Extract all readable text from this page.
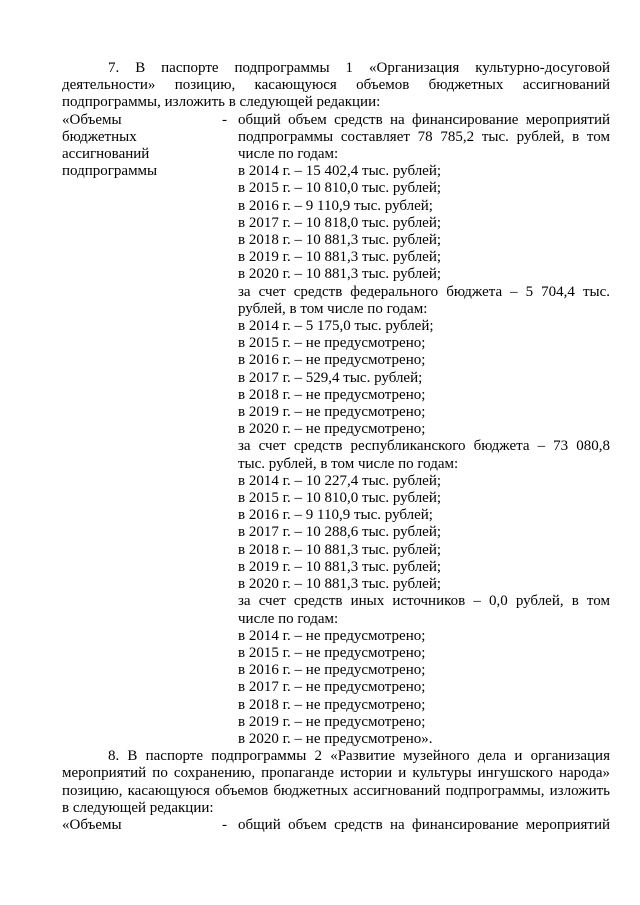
7. В паспорте подпрограммы 1 «Организация культурно-досуговой деятельности» позицию, касающуюся объемов бюджетных ассигнований подпрограммы, изложить в следующей редакции:

«Объемы
бюджетных
ассигнований
подпрограммы
- общий объем средств на финансирование мероприятий подпрограммы составляет 78 785,2 тыс. рублей, в том числе по годам:

в 2014 г. – 15 402,4 тыс. рублей;

в 2015 г. – 10 810,0 тыс. рублей;

в 2016 г. – 9 110,9 тыс. рублей;

в 2017 г. – 10 818,0 тыс. рублей;

в 2018 г. – 10 881,3 тыс. рублей;

в 2019 г. – 10 881,3 тыс. рублей;

в 2020 г. – 10 881,3 тыс. рублей;

за счет средств федерального бюджета – 5 704,4 тыс. рублей, в том числе по годам:

в 2014 г. – 5 175,0 тыс. рублей;

в 2015 г. – не предусмотрено;

в 2016 г. – не предусмотрено;

в 2017 г. – 529,4 тыс. рублей;

в 2018 г. – не предусмотрено;

в 2019 г. – не предусмотрено;

в 2020 г. – не предусмотрено;

за счет средств республиканского бюджета – 73 080,8 тыс. рублей, в том числе по годам:

в 2014 г. – 10 227,4 тыс. рублей;

в 2015 г. – 10 810,0 тыс. рублей;

в 2016 г. – 9 110,9 тыс. рублей;

в 2017 г. – 10 288,6 тыс. рублей;

в 2018 г. – 10 881,3 тыс. рублей;

в 2019 г. – 10 881,3 тыс. рублей;

в 2020 г. – 10 881,3 тыс. рублей;

за счет средств иных источников – 0,0 рублей, в том числе по годам:

в 2014 г. – не предусмотрено;

в 2015 г. – не предусмотрено;

в 2016 г. – не предусмотрено;

в 2017 г. – не предусмотрено;

в 2018 г. – не предусмотрено;

в 2019 г. – не предусмотрено;

в 2020 г. – не предусмотрено».

8. В паспорте подпрограммы 2 «Развитие музейного дела и организация мероприятий по сохранению, пропаганде истории и культуры ингушского народа» позицию, касающуюся объемов бюджетных ассигнований подпрограммы, изложить в следующей редакции:

«Объемы	- общий объем средств на финансирование мероприятий
